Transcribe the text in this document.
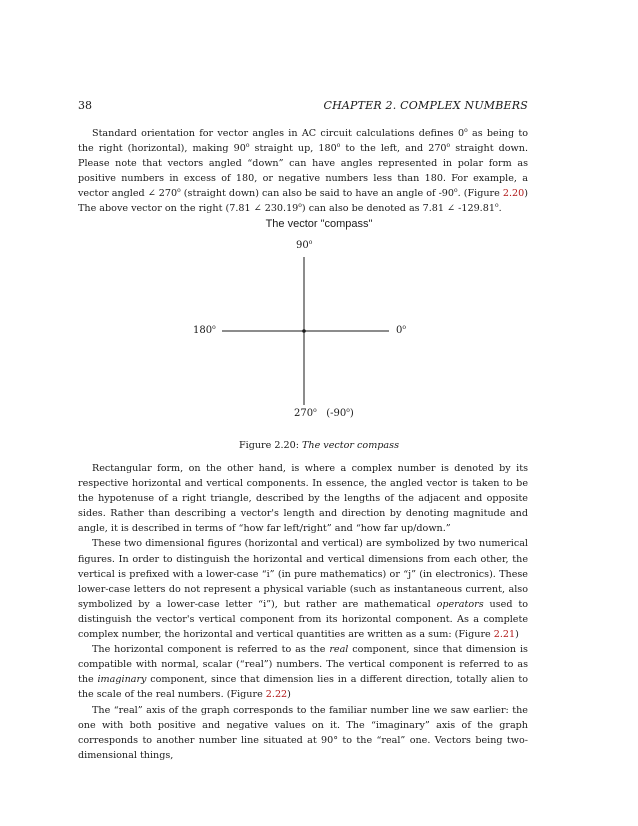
38	CHAPTER 2. COMPLEX NUMBERS

Standard orientation for vector angles in AC circuit calculations defines 0$^o$ as being to the right (horizontal), making 90$^o$ straight up, 180$^o$ to the left, and 270$^o$ straight down. Please note that vectors angled “down” can have angles represented in polar form as positive numbers in excess of 180, or negative numbers less than 180. For example, a vector angled ∠ 270$^o$ (straight down) can also be said to have an angle of -90$^o$. (Figure 2.20) The above vector on the right (7.81 ∠ 230.19$^o$) can also be denoted as 7.81 ∠ -129.81$^o$.

The vector "compass"
90$^o$
180$^o$	0$^o$
270$^o$ (-90$^o$)
Figure 2.20: The vector compass

Rectangular form, on the other hand, is where a complex number is denoted by its respective horizontal and vertical components. In essence, the angled vector is taken to be the hypotenuse of a right triangle, described by the lengths of the adjacent and opposite sides. Rather than describing a vector's length and direction by denoting magnitude and angle, it is described in terms of “how far left/right” and “how far up/down.”

These two dimensional figures (horizontal and vertical) are symbolized by two numerical figures. In order to distinguish the horizontal and vertical dimensions from each other, the vertical is prefixed with a lower-case “i” (in pure mathematics) or “j” (in electronics). These lower-case letters do not represent a physical variable (such as instantaneous current, also symbolized by a lower-case letter “i”), but rather are mathematical operators used to distinguish the vector's vertical component from its horizontal component. As a complete complex number, the horizontal and vertical quantities are written as a sum: (Figure 2.21)

The horizontal component is referred to as the real component, since that dimension is compatible with normal, scalar (“real”) numbers. The vertical component is referred to as the imaginary component, since that dimension lies in a different direction, totally alien to the scale of the real numbers. (Figure 2.22)

The “real” axis of the graph corresponds to the familiar number line we saw earlier: the one with both positive and negative values on it. The “imaginary” axis of the graph corresponds to another number line situated at 90° to the “real” one. Vectors being two-dimensional things,
